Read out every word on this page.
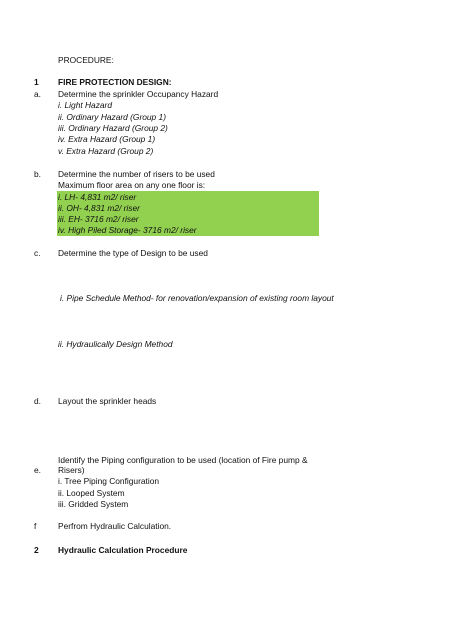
PROCEDURE:
1 FIRE PROTECTION DESIGN:
a. Determine the sprinkler Occupancy Hazard
i. Light Hazard
ii. Ordinary Hazard (Group 1)
iii. Ordinary Hazard (Group 2)
iv. Extra Hazard (Group 1)
v. Extra Hazard (Group 2)
b. Determine the number of risers to be used
Maximum floor area on any one floor is:
i. LH- 4,831 m2/ riser
ii. OH- 4,831 m2/ riser
iii. EH- 3716 m2/ riser
iv. High Piled Storage- 3716 m2/ riser
c. Determine the type of Design to be used
i. Pipe Schedule Method- for renovation/expansion of existing room layout
ii. Hydraulically Design Method
d. Layout the sprinkler heads
Identify the Piping configuration to be used (location of Fire pump &
e. Risers)
i. Tree Piping Configuration
ii. Looped System
iii. Gridded System
f	Perfrom Hydraulic Calculation.
2 Hydraulic Calculation Procedure
